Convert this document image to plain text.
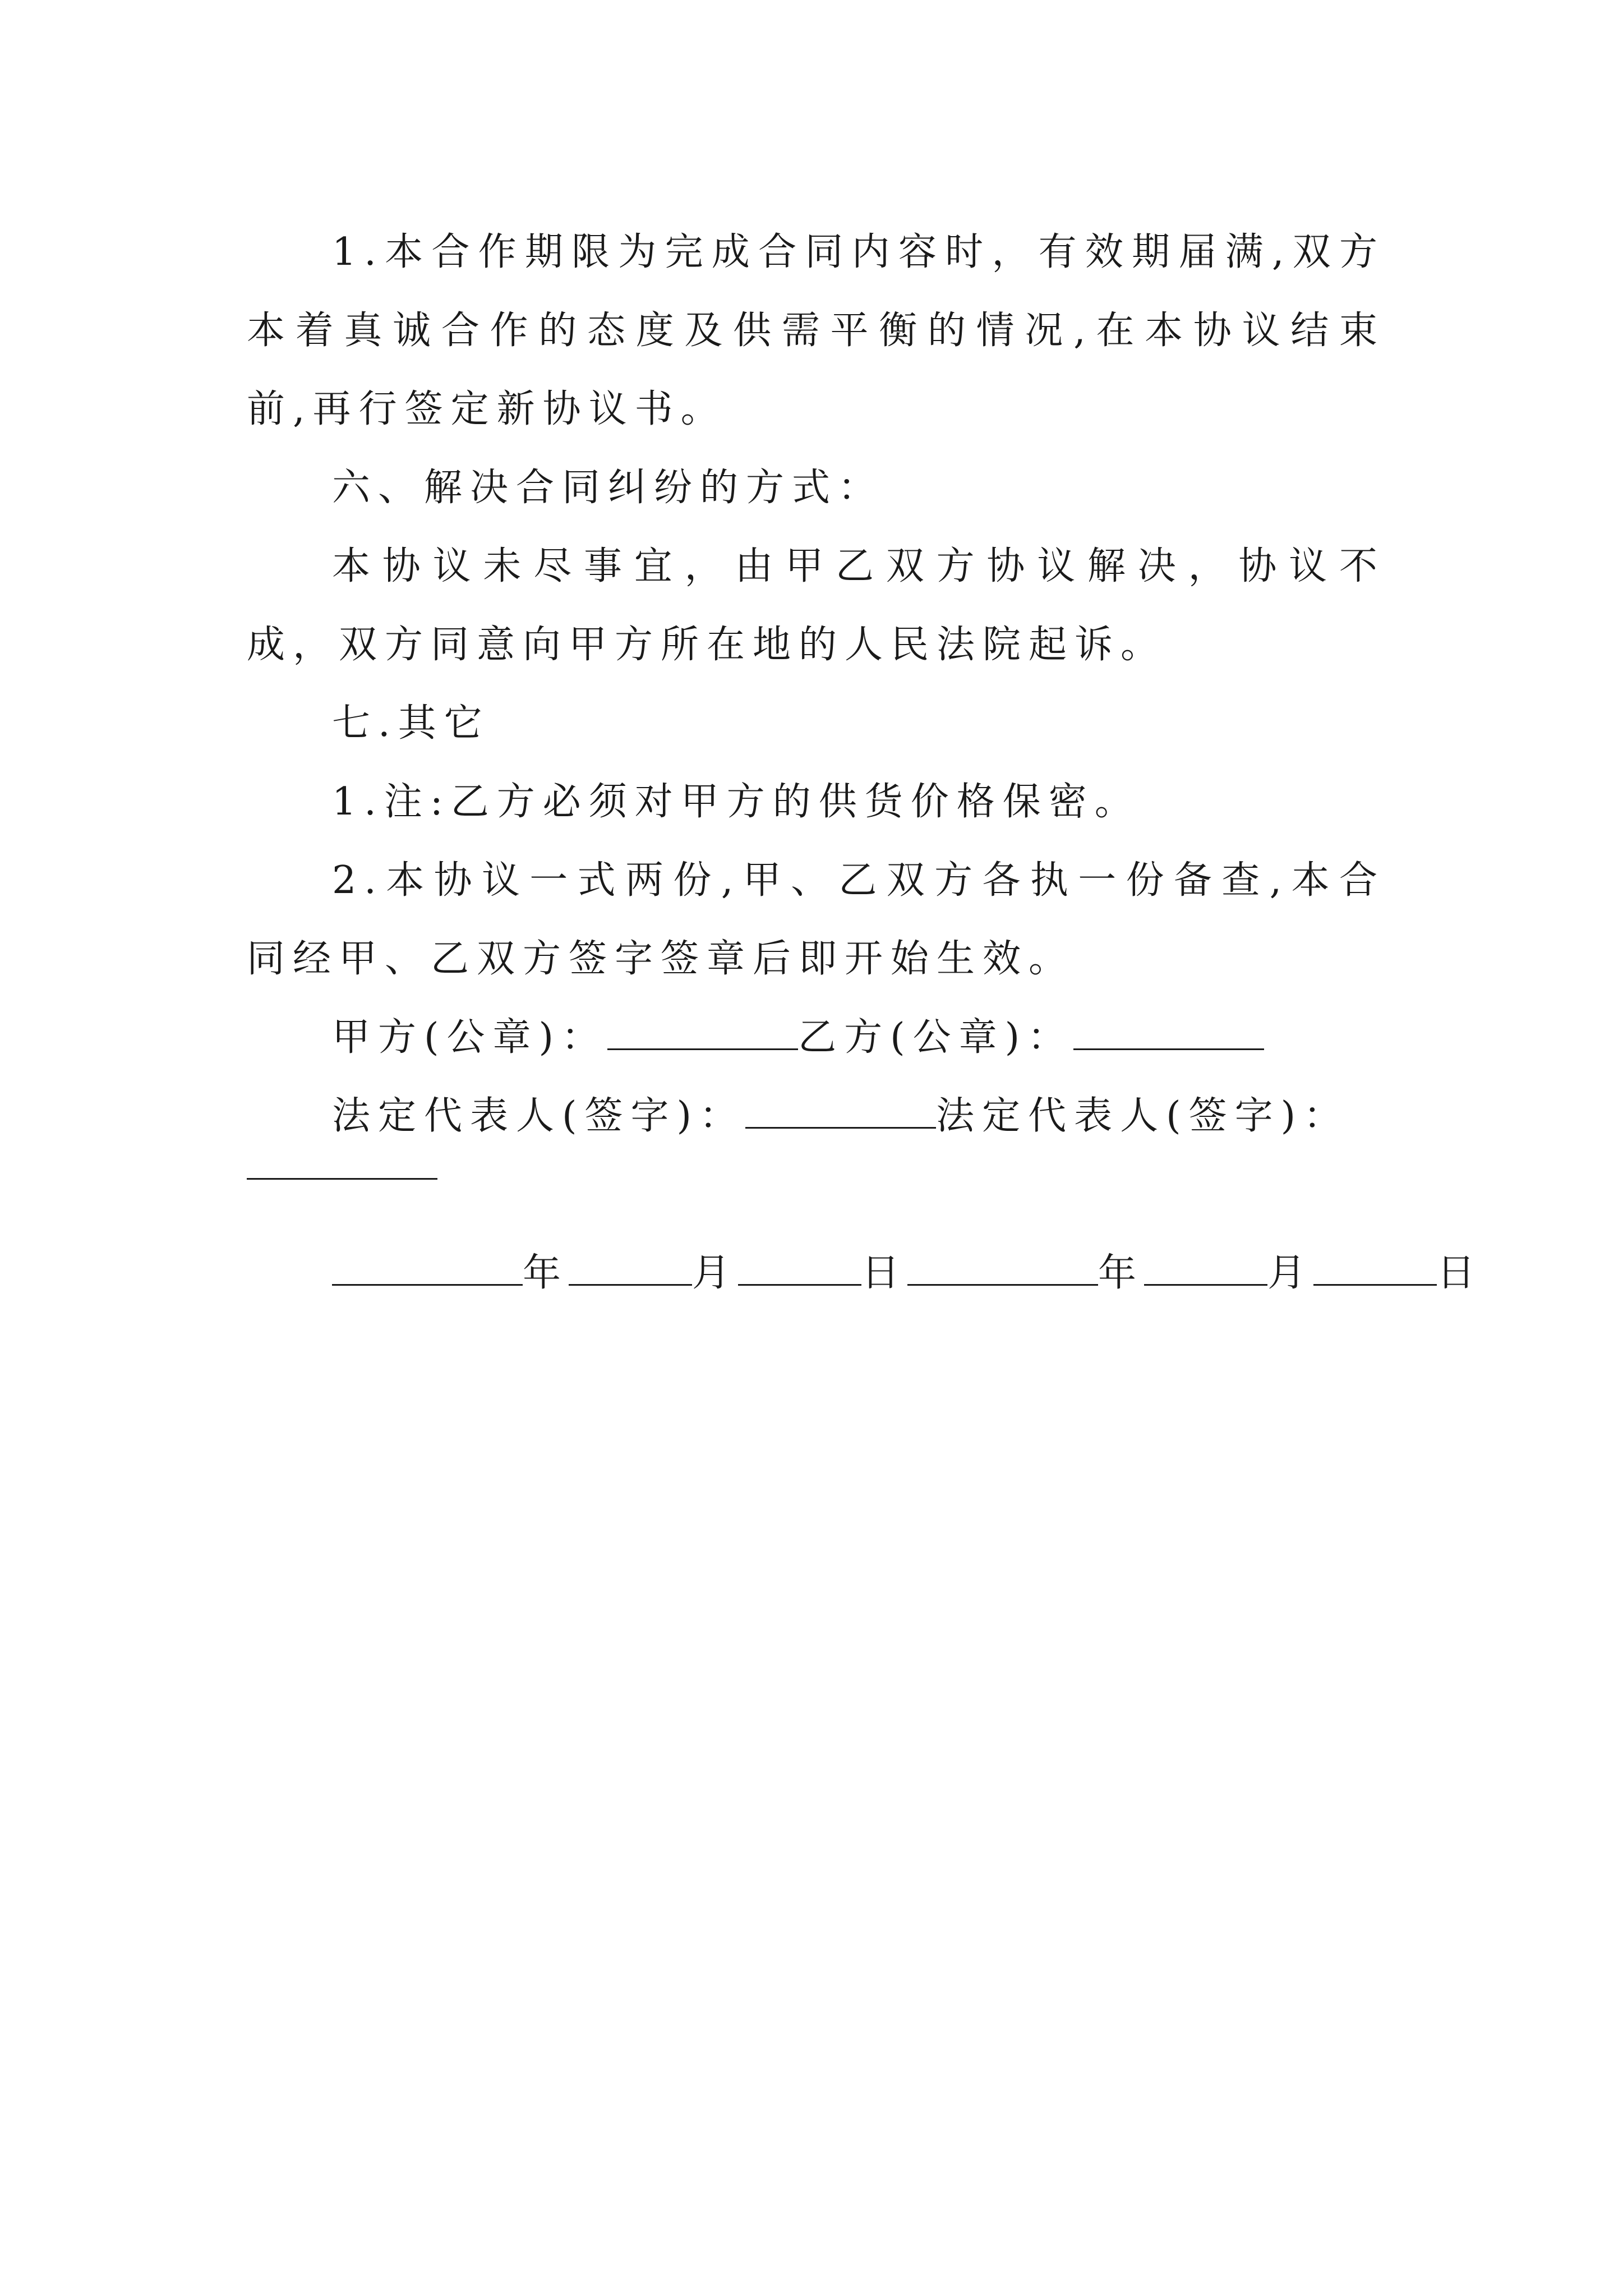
1.本合作期限为完成合同内容时，有效期届满,双方本着真诚合作的态度及供需平衡的情况,在本协议结束前,再行签定新协议书。
六、解决合同纠纷的方式：
本协议未尽事宜，由甲乙双方协议解决，协议不成，双方同意向甲方所在地的人民法院起诉。
七.其它
1.注:乙方必须对甲方的供货价格保密。
2.本协议一式两份,甲、乙双方各执一份备查,本合同经甲、乙双方签字签章后即开始生效。
甲方(公章)：	乙方(公章)：
法定代表人(签字)：	法定代表人(签字)：
年	月	日	年	月	日
